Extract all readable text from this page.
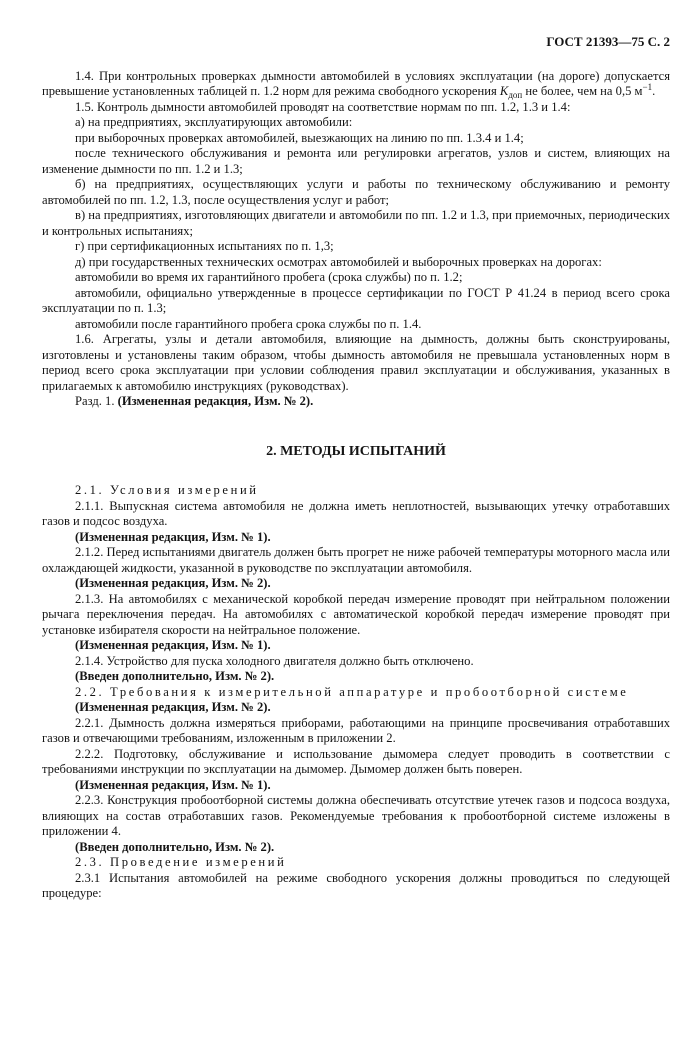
ГОСТ 21393—75 С. 2

1.4. При контрольных проверках дымности автомобилей в условиях эксплуатации (на дороге) допускается превышение установленных таблицей п. 1.2 норм для режима свободного ускорения $K_{доп}$ не более, чем на 0,5 $м^{-1}$.

1.5. Контроль дымности автомобилей проводят на соответствие нормам по пп. 1.2, 1.3 и 1.4:

а) на предприятиях, эксплуатирующих автомобили:

при выборочных проверках автомобилей, выезжающих на линию по пп. 1.3.4 и 1.4;

после технического обслуживания и ремонта или регулировки агрегатов, узлов и систем, влияющих на изменение дымности по пп. 1.2 и 1.3;

б) на предприятиях, осуществляющих услуги и работы по техническому обслуживанию и ремонту автомобилей по пп. 1.2, 1.3, после осуществления услуг и работ;

в) на предприятиях, изготовляющих двигатели и автомобили по пп. 1.2 и 1.3, при приемочных, периодических и контрольных испытаниях;

г) при сертификационных испытаниях по п. 1,3;

д) при государственных технических осмотрах автомобилей и выборочных проверках на дорогах:

автомобили во время их гарантийного пробега (срока службы) по п. 1.2;

автомобили, официально утвержденные в процессе сертификации по ГОСТ Р 41.24 в период всего срока эксплуатации по п. 1.3;

автомобили после гарантийного пробега срока службы по п. 1.4.

1.6. Агрегаты, узлы и детали автомобиля, влияющие на дымность, должны быть сконструированы, изготовлены и установлены таким образом, чтобы дымность автомобиля не превышала установленных норм в период всего срока эксплуатации при условии соблюдения правил эксплуатации и обслуживания, указанных в прилагаемых к автомобилю инструкциях (руководствах).

Разд. 1. (Измененная редакция, Изм. № 2).

2. МЕТОДЫ ИСПЫТАНИЙ

2.1. Условия измерений

2.1.1. Выпускная система автомобиля не должна иметь неплотностей, вызывающих утечку отработавших газов и подсос воздуха.

(Измененная редакция, Изм. № 1).

2.1.2. Перед испытаниями двигатель должен быть прогрет не ниже рабочей температуры моторного масла или охлаждающей жидкости, указанной в руководстве по эксплуатации автомобиля.

(Измененная редакция, Изм. № 2).

2.1.3. На автомобилях с механической коробкой передач измерение проводят при нейтральном положении рычага переключения передач. На автомобилях с автоматической коробкой передач измерение проводят при установке избирателя скорости на нейтральное положение.

(Измененная редакция, Изм. № 1).

2.1.4. Устройство для пуска холодного двигателя должно быть отключено.

(Введен дополнительно, Изм. № 2).

2.2. Требования к измерительной аппаратуре и пробоотборной системе

(Измененная редакция, Изм. № 2).

2.2.1. Дымность должна измеряться приборами, работающими на принципе просвечивания отработавших газов и отвечающими требованиям, изложенным в приложении 2.

2.2.2. Подготовку, обслуживание и использование дымомера следует проводить в соответствии с требованиями инструкции по эксплуатации на дымомер. Дымомер должен быть поверен.

(Измененная редакция, Изм. № 1).

2.2.3. Конструкция пробоотборной системы должна обеспечивать отсутствие утечек газов и подсоса воздуха, влияющих на состав отработавших газов. Рекомендуемые требования к пробоотборной системе изложены в приложении 4.

(Введен дополнительно, Изм. № 2).

2.3. Проведение измерений

2.3.1 Испытания автомобилей на режиме свободного ускорения должны проводиться по следующей процедуре:
